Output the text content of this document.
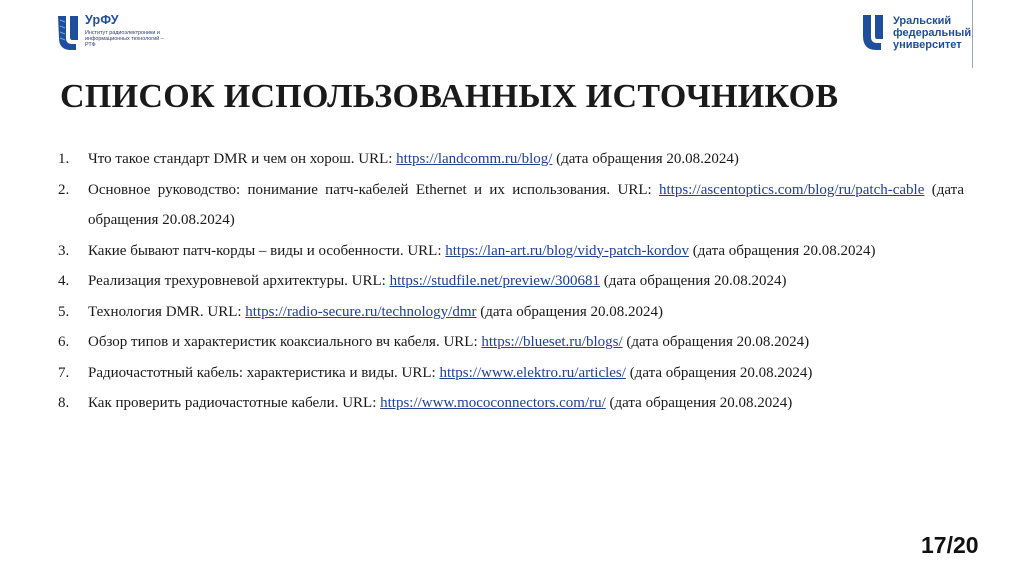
УрФУ
Институт радиоэлектроники и информационных технологий – РТФ
Уральский
федеральный
университет
СПИСОК ИСПОЛЬЗОВАННЫХ ИСТОЧНИКОВ
1. Что такое стандарт DMR и чем он хорош. URL: https://landcomm.ru/blog/ (дата обращения 20.08.2024)
2. Основное руководство: понимание патч-кабелей Ethernet и их использования. URL: https://ascentoptics.com/blog/ru/patch-cable (дата обращения 20.08.2024)
3. Какие бывают патч-корды – виды и особенности. URL: https://lan-art.ru/blog/vidy-patch-kordov (дата обращения 20.08.2024)
4. Реализация трехуровневой архитектуры. URL: https://studfile.net/preview/300681 (дата обращения 20.08.2024)
5. Технология DMR. URL: https://radio-secure.ru/technology/dmr (дата обращения 20.08.2024)
6. Обзор типов и характеристик коаксиального вч кабеля. URL: https://blueset.ru/blogs/ (дата обращения 20.08.2024)
7. Радиочастотный кабель: характеристика и виды. URL: https://www.elektro.ru/articles/ (дата обращения 20.08.2024)
8. Как проверить радиочастотные кабели. URL: https://www.mococonnectors.com/ru/ (дата обращения 20.08.2024)
17/20
